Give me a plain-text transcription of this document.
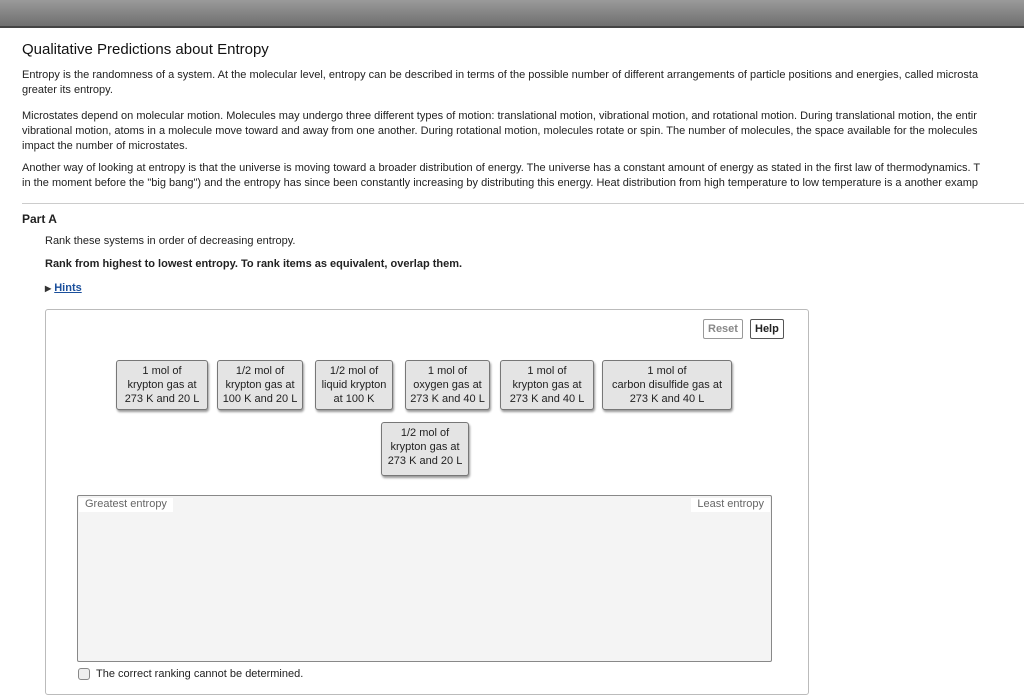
Qualitative Predictions about Entropy
Entropy is the randomness of a system. At the molecular level, entropy can be described in terms of the possible number of different arrangements of particle positions and energies, called microsta
greater its entropy.
Microstates depend on molecular motion. Molecules may undergo three different types of motion: translational motion, vibrational motion, and rotational motion. During translational motion, the entir
vibrational motion, atoms in a molecule move toward and away from one another. During rotational motion, molecules rotate or spin. The number of molecules, the space available for the molecules
impact the number of microstates.
Another way of looking at entropy is that the universe is moving toward a broader distribution of energy. The universe has a constant amount of energy as stated in the first law of thermodynamics. T
in the moment before the "big bang") and the entropy has since been constantly increasing by distributing this energy. Heat distribution from high temperature to low temperature is a another examp
Part A
Rank these systems in order of decreasing entropy.
Rank from highest to lowest entropy. To rank items as equivalent, overlap them.
▶ Hints
Reset	Help
1 mol of
krypton gas at
273 K and 20 L
1/2 mol of
krypton gas at
100 K and 20 L
1/2 mol of
liquid krypton
at 100 K
1 mol of
oxygen gas at
273 K and 40 L
1 mol of
krypton gas at
273 K and 40 L
1 mol of
carbon disulfide gas at
273 K and 40 L
1/2 mol of
krypton gas at
273 K and 20 L
Greatest entropy	Least entropy
The correct ranking cannot be determined.
